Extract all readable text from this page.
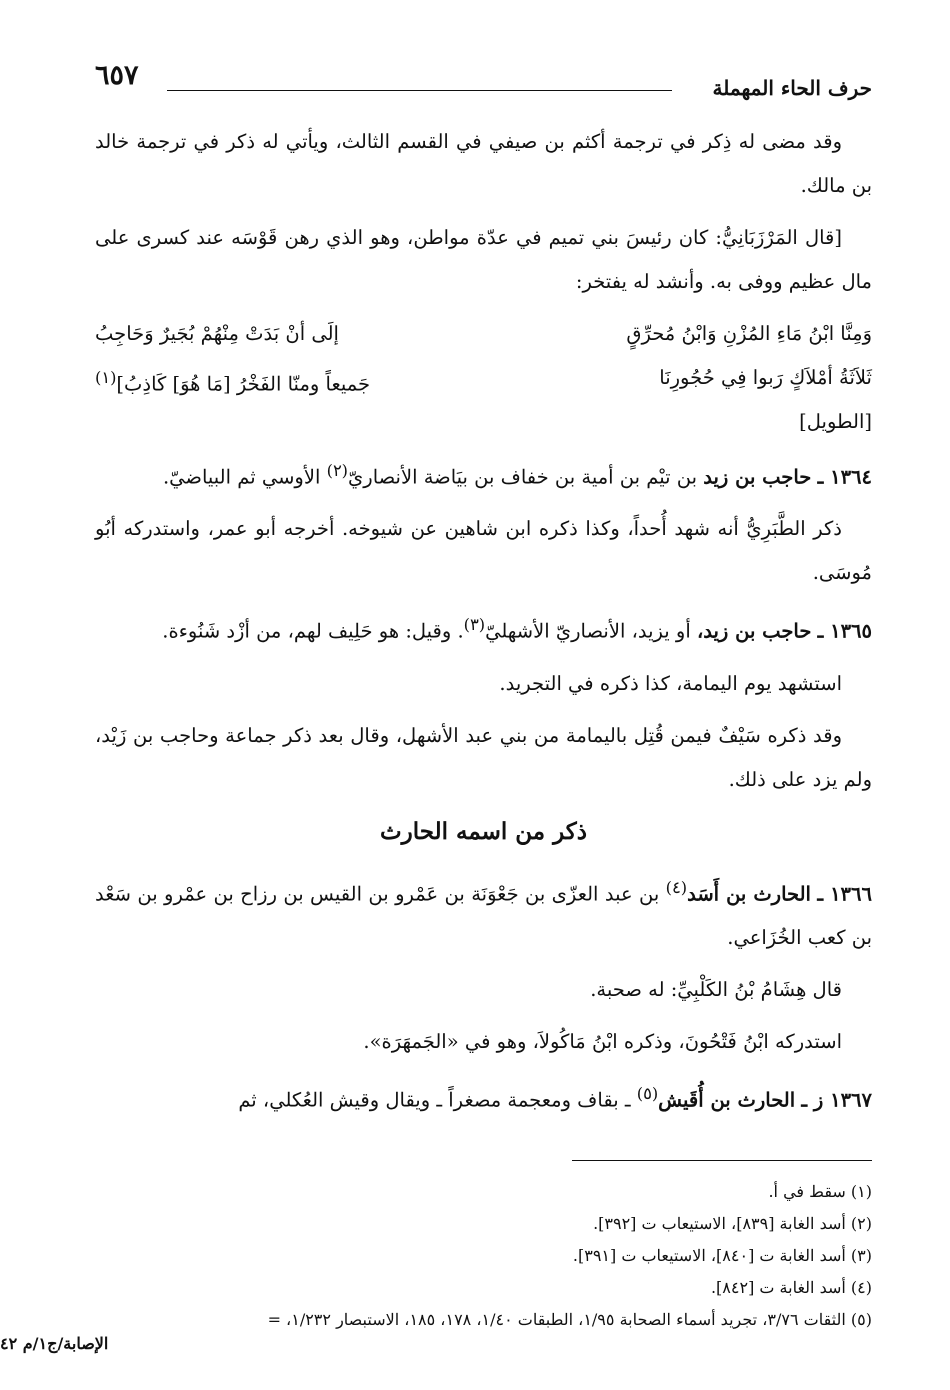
حرف الحاء المهملة
٦٥٧

وقد مضى له ذِكر في ترجمة أكثم بن صيفي في القسم الثالث، ويأتي له ذكر في ترجمة خالد بن مالك.

[قال المَرْزَبَانِيُّ: كان رئيسَ بني تميم في عدّة مواطن، وهو الذي رهن قَوْسَه عند كسرى على مال عظيم ووفى به. وأنشد له يفتخر:

وَمِنَّا ابْنُ مَاءِ المُزْنِ وَابْنُ مُحرِّقٍ
إلَى أنْ بَدَتْ مِنْهُمْ بُجَيرٌ وَحَاجِبُ
ثَلاَثَةُ أمْلاَكٍ رَبوا فِي حُجُورِنَا
جَميعاً ومنّا الفَخْرُ [مَا هُوَ] كَاذِبُ]$^{(١)}$
[الطويل]

١٣٦٤ ـ حاجب بن زيد بن تيْم بن أمية بن خفاف بن بيَاضة الأنصاريّ$^{(٢)}$ الأوسي ثم البياضيّ.

ذكر الطَّبَرِيُّ أنه شهد أُحداً، وكذا ذكره ابن شاهين عن شيوخه. أخرجه أبو عمر، واستدركه أبُو مُوسَى.

١٣٦٥ ـ حاجب بن زيد، أو يزيد، الأنصاريّ الأشهليّ$^{(٣)}$. وقيل: هو حَلِيف لهم، من أزْد شَنُوءة.

استشهد يوم اليمامة، كذا ذكره في التجريد.

وقد ذكره سَيْفٌ فيمن قُتِل باليمامة من بني عبد الأشهل، وقال بعد ذكر جماعة وحاجب بن زَيْد، ولم يزد على ذلك.

ذكر من اسمه الحارث

١٣٦٦ ـ الحارث بن أَسَد$^{(٤)}$ بن عبد العزّى بن جَعْوَنَة بن عَمْرو بن القيس بن رزاح بن عمْرو بن سَعْد بن كعب الخُزَاعي.

قال هِشَامُ بْنُ الكَلْبِيِّ: له صحبة.

استدركه ابْنُ فَتْحُونَ، وذكره ابْنُ مَاكُولاَ، وهو في «الجَمهَرَة».

١٣٦٧ ز ـ الحارث بن أُقَيش$^{(٥)}$ ـ بقاف ومعجمة مصغراً ـ ويقال وقيش العُكلي، ثم

(١) سقط في أ.
(٢) أسد الغابة [٨٣٩]، الاستيعاب ت [٣٩٢].
(٣) أسد الغابة ت [٨٤٠]، الاستيعاب ت [٣٩١].
(٤) أسد الغابة ت [٨٤٢].
(٥) الثقات ٣/٧٦، تجريد أسماء الصحابة ١/٩٥، الطبقات ١/٤٠، ١٧٨، ١٨٥، الاستبصار ١/٢٣٢، =
الإصابة/ج١/م ٤٢
